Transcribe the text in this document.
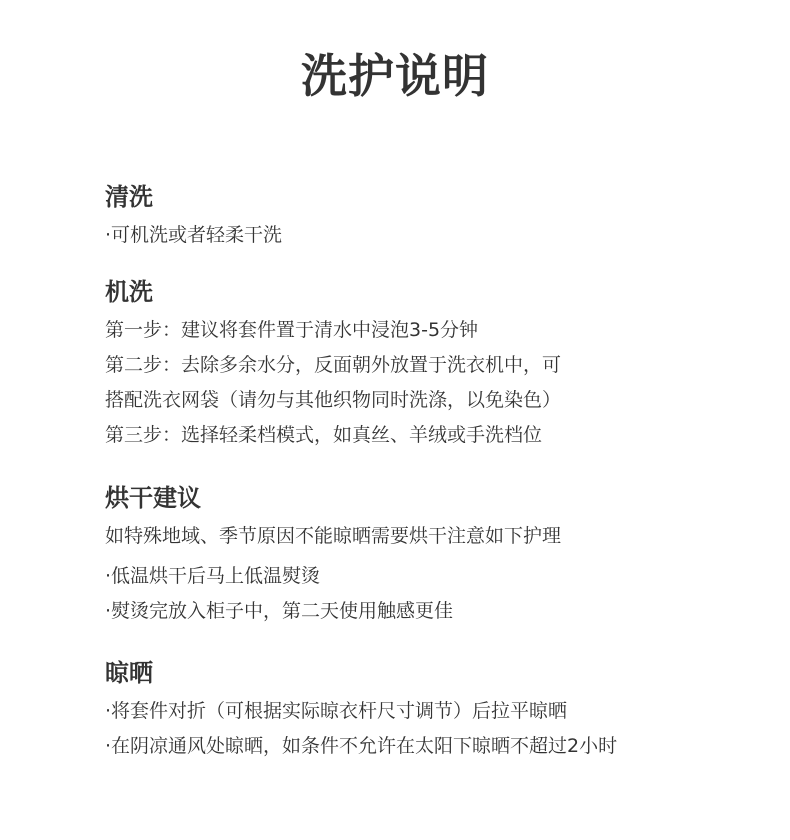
洗护说明
清洗
·可机洗或者轻柔干洗
机洗
第一步：建议将套件置于清水中浸泡3-5分钟
第二步：去除多余水分，反面朝外放置于洗衣机中，可
搭配洗衣网袋（请勿与其他织物同时洗涤，以免染色）
第三步：选择轻柔档模式，如真丝、羊绒或手洗档位
烘干建议
如特殊地域、季节原因不能晾晒需要烘干注意如下护理
·低温烘干后马上低温熨烫
·熨烫完放入柜子中，第二天使用触感更佳
晾晒
·将套件对折（可根据实际晾衣杆尺寸调节）后拉平晾晒
·在阴凉通风处晾晒，如条件不允许在太阳下晾晒不超过2小时
